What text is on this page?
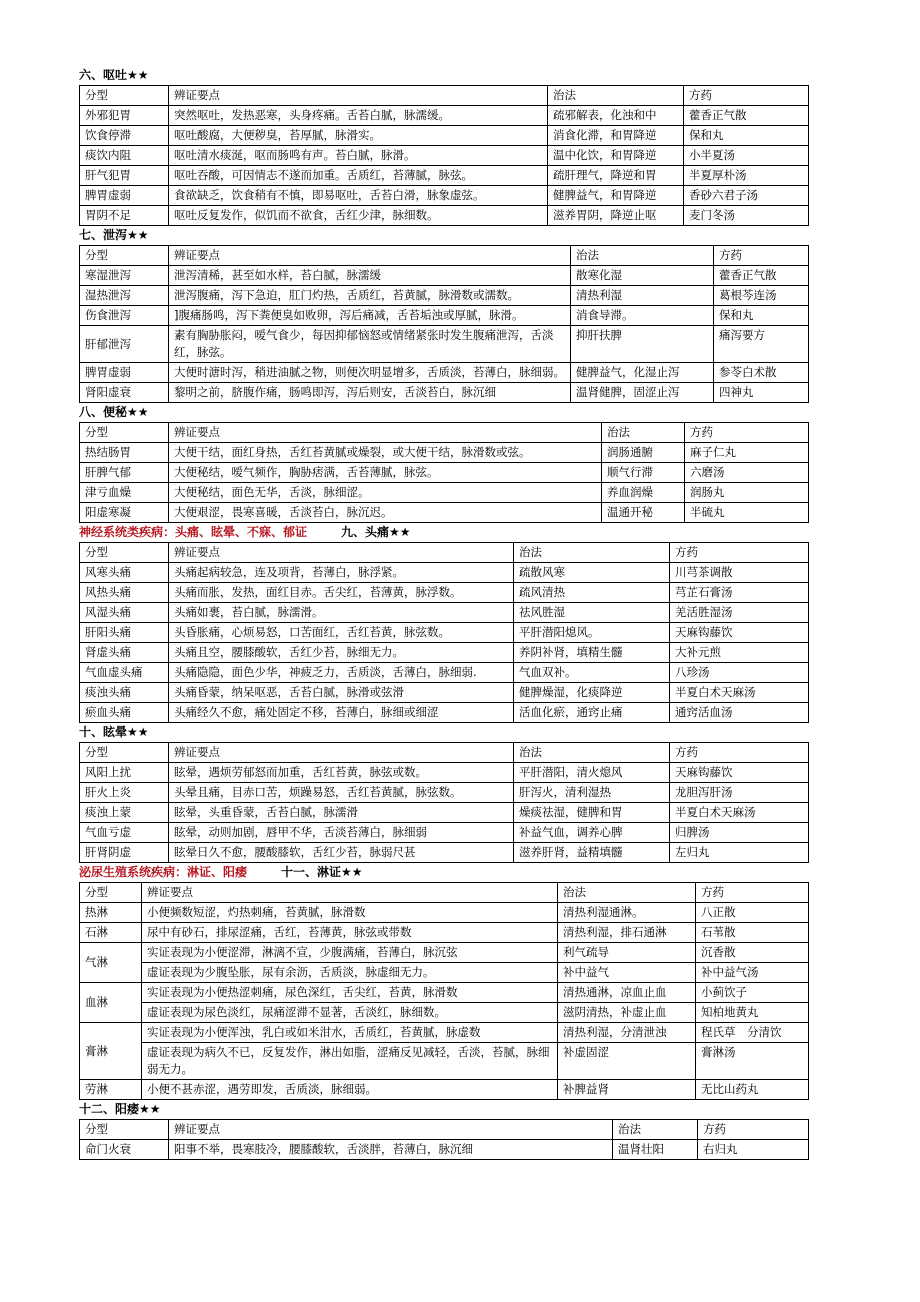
六、呕吐★★
分型	辨证要点	治法	方药
外邪犯胃	突然呕吐，发热恶寒，头身疼痛。舌苔白腻，脉濡缓。	疏邪解表，化浊和中	藿香正气散
饮食停滞	呕吐酸腐，大便秽臭，苔厚腻，脉滑实。	消食化滞，和胃降逆	保和丸
痰饮内阻	呕吐清水痰涎，呕而肠鸣有声。苔白腻，脉滑。	温中化饮，和胃降逆	小半夏汤
肝气犯胃	呕吐吞酸，可因情志不遂而加重。舌质红，苔薄腻，脉弦。	疏肝理气，降逆和胃	半夏厚朴汤
脾胃虚弱	食欲缺乏，饮食稍有不慎，即易呕吐，舌苔白滑，脉象虚弦。	健脾益气，和胃降逆	香砂六君子汤
胃阴不足	呕吐反复发作，似饥而不欲食，舌红少津，脉细数。	滋养胃阴，降逆止呕	麦门冬汤
七、泄泻★★
分型	辨证要点	治法	方药
寒湿泄泻	泄泻清稀，甚至如水样，苔白腻，脉濡缓	散寒化湿	藿香正气散
湿热泄泻	泄泻腹痛，泻下急迫，肛门灼热，舌质红，苔黄腻，脉滑数或濡数。	清热利湿	葛根芩连汤
伤食泄泻	]腹痛肠鸣，泻下粪便臭如败卵，泻后痛减，舌苔垢浊或厚腻，脉滑。	消食导滞。	保和丸
肝郁泄泻	素有胸胁胀闷，嗳气食少，每因抑郁恼怒或情绪紧张时发生腹痛泄泻，舌淡红，脉弦。	抑肝扶脾	痛泻要方
脾胃虚弱	大便时溏时泻，稍进油腻之物，则便次明显增多，舌质淡，苔薄白，脉细弱。	健脾益气，化湿止泻	参苓白术散
肾阳虚衰	黎明之前，脐腹作痛，肠鸣即泻，泻后则安，舌淡苔白，脉沉细	温肾健脾，固涩止泻	四神丸
八、便秘★★
分型	辨证要点	治法	方药
热结肠胃	大便干结，面红身热，舌红苔黄腻或燥裂，或大便干结，脉滑数或弦。	润肠通腑	麻子仁丸
肝脾气郁	大便秘结，嗳气频作，胸胁痞满，舌苔薄腻，脉弦。	顺气行滞	六磨汤
津亏血燥	大便秘结，面色无华，舌淡，脉细涩。	养血润燥	润肠丸
阳虚寒凝	大便艰涩，畏寒喜暖，舌淡苔白，脉沉迟。	温通开秘	半硫丸
神经系统类疾病：头痛、眩晕、不寐、郁证	九、头痛★★
分型	辨证要点	治法	方药
风寒头痛	头痛起病较急，连及项背，苔薄白，脉浮紧。	疏散风寒	川芎茶调散
风热头痛	头痛而胀，发热，面红目赤。舌尖红，苔薄黄，脉浮数。	疏风清热	芎芷石膏汤
风湿头痛	头痛如裹，苔白腻，脉濡滑。	祛风胜湿	羌活胜湿汤
肝阳头痛	头昏胀痛，心烦易怒，口苦面红，舌红苔黄，脉弦数。	平肝潜阳熄风。	天麻钩藤饮
肾虚头痛	头痛且空，腰膝酸软，舌红少苔，脉细无力。	养阴补肾，填精生髓	大补元煎
气血虚头痛	头痛隐隐，面色少华，神疲乏力，舌质淡，舌薄白，脉细弱.	气血双补。	八珍汤
痰浊头痛	头痛昏蒙，纳呆呕恶，舌苔白腻，脉滑或弦滑	健脾燥湿，化痰降逆	半夏白术天麻汤
瘀血头痛	头痛经久不愈，痛处固定不移，苔薄白，脉细或细涩	活血化瘀，通窍止痛	通窍活血汤
十、眩晕★★
分型	辨证要点	治法	方药
风阳上扰	眩晕，遇烦劳郁怒而加重，舌红苔黄，脉弦或数。	平肝潜阳，清火熄风	天麻钩藤饮
肝火上炎	头晕且痛，目赤口苦，烦躁易怒，舌红苔黄腻，脉弦数。	肝泻火，清利湿热	龙胆泻肝汤
痰浊上蒙	眩晕，头重昏蒙，舌苔白腻，脉濡滑	燥痰祛湿，健脾和胃	半夏白术天麻汤
气血亏虚	眩晕，动则加剧，唇甲不华，舌淡苔薄白，脉细弱	补益气血，调养心脾	归脾汤
肝肾阴虚	眩晕日久不愈，腰酸膝软，舌红少苔，脉弱尺甚	滋养肝肾，益精填髓	左归丸
泌尿生殖系统疾病：淋证、阳痿	十一、淋证★★
分型	辨证要点	治法	方药
热淋	小便频数短涩，灼热刺痛，苔黄腻，脉滑数	清热利湿通淋。	八正散
石淋	尿中有砂石，排尿涩痛，舌红，苔薄黄，脉弦或带数	清热利湿，排石通淋	石苇散
气淋	实证表现为小便涩滞，淋漓不宣，少腹满痛，苔薄白，脉沉弦	利气疏导	沉香散
	虚证表现为少腹坠胀，尿有余沥，舌质淡，脉虚细无力。	补中益气	补中益气汤
血淋	实证表现为小便热涩刺痛，尿色深红，舌尖红，苔黄，脉滑数	清热通淋，凉血止血	小蓟饮子
	虚证表现为尿色淡红，尿痛涩滞不显著，舌淡红，脉细数。	滋阴清热，补虚止血	知柏地黄丸
膏淋	实证表现为小便浑浊，乳白或如米泔水，舌质红，苔黄腻，脉虚数	清热利湿，分清泄浊	程氏草　分清饮
	虚证表现为病久不已，反复发作，淋出如脂，涩痛反见减轻，舌淡，苔腻，脉细弱无力。	补虚固涩	膏淋汤
劳淋	小便不甚赤涩，遇劳即发，舌质淡，脉细弱。	补脾益肾	无比山药丸
十二、阳痿★★
分型	辨证要点	治法	方药
命门火衰	阳事不举，畏寒肢冷，腰膝酸软，舌淡胖，苔薄白，脉沉细	温肾壮阳	右归丸
